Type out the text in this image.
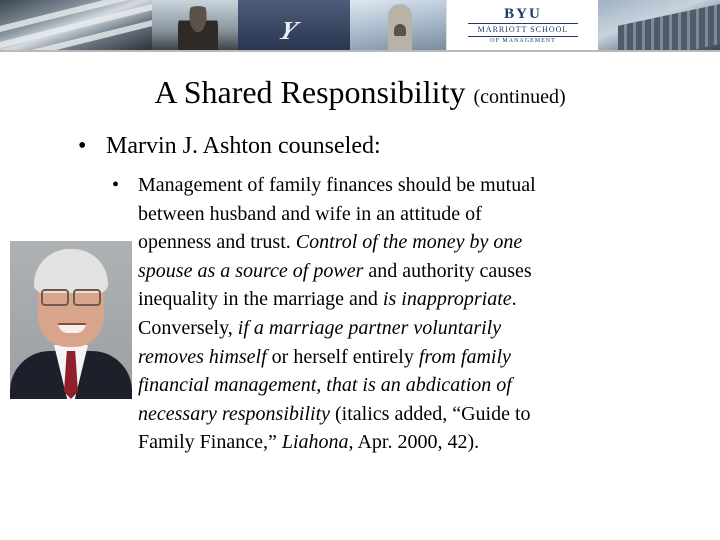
Y
BYU
MARRIOTT SCHOOL
OF MANAGEMENT
A Shared Responsibility (continued)
• Marvin J. Ashton counseled:
• Management of family finances should be mutual
between husband and wife in an attitude of
openness and trust. Control of the money by one
spouse as a source of power and authority causes
inequality in the marriage and is inappropriate.
Conversely, if a marriage partner voluntarily
removes himself or herself entirely from family
financial management, that is an abdication of
necessary responsibility (italics added, “Guide to
Family Finance,” Liahona, Apr. 2000, 42).
